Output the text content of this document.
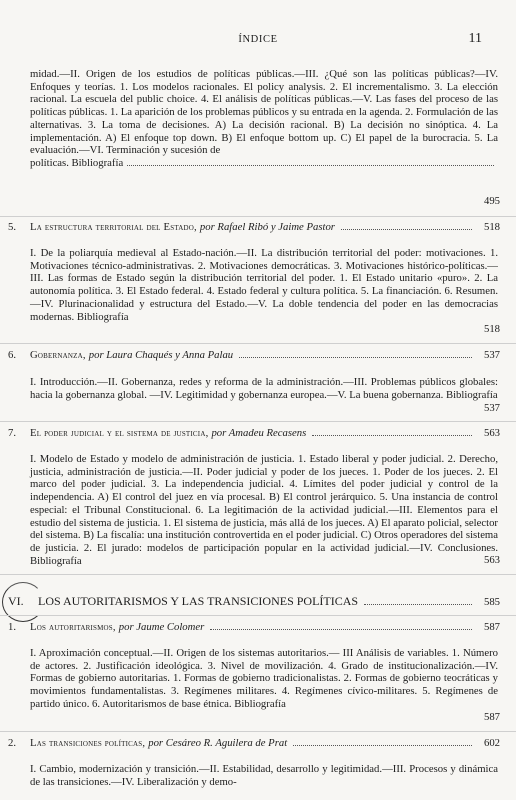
ÍNDICE	11
midad.—II. Origen de los estudios de políticas públicas.—III. ¿Qué son las políticas públicas?—IV. Enfoques y teorías. 1. Los modelos racionales. El policy analysis. 2. El incrementalismo. 3. La elección racional. La escuela del public choice. 4. El análisis de políticas públicas.—V. Las fases del proceso de las políticas públicas. 1. La aparición de los problemas públicos y su entrada en la agenda. 2. Formulación de las alternativas. 3. La toma de decisiones. A) La decisión racional. B) La decisión no sinóptica. 4. La implementación. A) El enfoque top down. B) El enfoque bottom up. C) El papel de la burocracia. 5. La evaluación.—VI. Terminación y sucesión de
políticas. Bibliografía
495
5.	La estructura territorial del Estado, por Rafael Ribó y Jaime Pastor	518
I. De la poliarquía medieval al Estado-nación.—II. La distribución territorial del poder: motivaciones. 1. Motivaciones técnico-administrativas. 2. Motivaciones democráticas. 3. Motivaciones histórico-políticas.—III. Las formas de Estado según la distribución territorial del poder. 1. El Estado unitario «puro». 2. La autonomía política. 3. El Estado federal. 4. Estado federal y cultura política. 5. La financiación. 6. Resumen.—IV. Plurinacionalidad y estructura del Estado.—V. La doble tendencia del poder en las democracias modernas. Bibliografía
518
6.	Gobernanza, por Laura Chaqués y Anna Palau	537
I. Introducción.—II. Gobernanza, redes y reforma de la administración.—III. Problemas públicos globales: hacia la gobernanza global. —IV. Legitimidad y gobernanza europea.—V. La buena gobernanza. Bibliografía
537
7.	El poder judicial y el sistema de justicia, por Amadeu Recasens	563
I. Modelo de Estado y modelo de administración de justicia. 1. Estado liberal y poder judicial. 2. Derecho, justicia, administración de justicia.—II. Poder judicial y poder de los jueces. 1. Poder de los jueces. 2. El marco del poder judicial. 3. La independencia judicial. 4. Límites del poder judicial y control de la independencia. A) El control del juez en vía procesal. B) El control jerárquico. 5. Una instancia de control especial: el Tribunal Constitucional. 6. La legitimación de la actividad judicial.—III. Elementos para el estudio del sistema de justicia. 1. El sistema de justicia, más allá de los jueces. A) El aparato policial, selector del sistema. B) La fiscalía: una institución controvertida en el poder judicial. C) Otros operadores del sistema de justicia. 2. El jurado: modelos de participación popular en la actividad judicial.—IV. Conclusiones. Bibliografía	563
VI.	LOS AUTORITARISMOS Y LAS TRANSICIONES POLÍTICAS	585
1.	Los autoritarismos, por Jaume Colomer	587
I. Aproximación conceptual.—II. Origen de los sistemas autoritarios.— III Análisis de variables. 1. Número de actores. 2. Justificación ideológica. 3. Nivel de movilización. 4. Grado de institucionalización.—IV. Formas de gobierno autoritarias. 1. Formas de gobierno tradicionalistas. 2. Formas de gobierno teocráticas y movimientos fundamentalistas. 3. Regímenes militares. 4. Regímenes cívico-militares. 5. Regímenes de partido único. 6. Autoritarismos de base étnica. Bibliografía
587
2.	Las transiciones políticas, por Cesáreo R. Aguilera de Prat	602
I. Cambio, modernización y transición.—II. Estabilidad, desarrollo y legitimidad.—III. Procesos y dinámica de las transiciones.—IV. Liberalización y demo-
